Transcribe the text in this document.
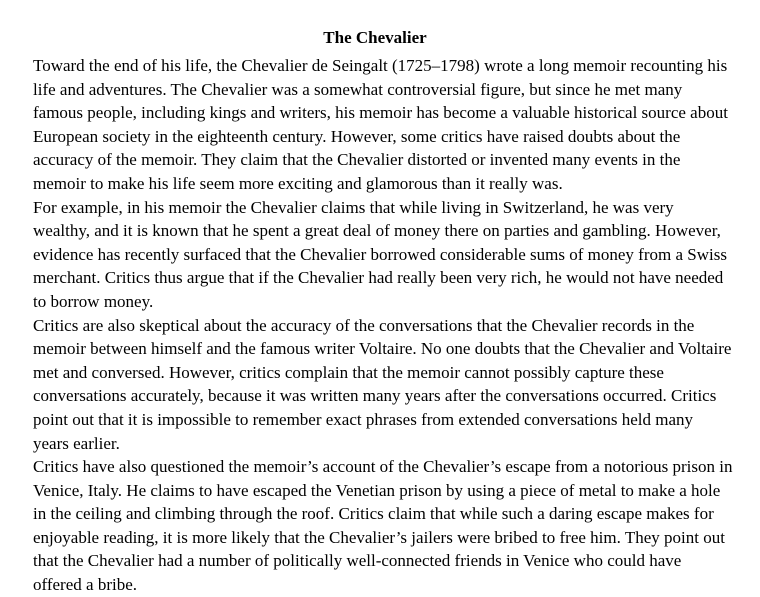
The Chevalier

Toward the end of his life, the Chevalier de Seingalt (1725–1798) wrote a long memoir recounting his life and adventures. The Chevalier was a somewhat controversial figure, but since he met many famous people, including kings and writers, his memoir has become a valuable historical source about European society in the eighteenth century. However, some critics have raised doubts about the accuracy of the memoir. They claim that the Chevalier distorted or invented many events in the memoir to make his life seem more exciting and glamorous than it really was.

For example, in his memoir the Chevalier claims that while living in Switzerland, he was very wealthy, and it is known that he spent a great deal of money there on parties and gambling. However, evidence has recently surfaced that the Chevalier borrowed considerable sums of money from a Swiss merchant. Critics thus argue that if the Chevalier had really been very rich, he would not have needed to borrow money.

Critics are also skeptical about the accuracy of the conversations that the Chevalier records in the memoir between himself and the famous writer Voltaire. No one doubts that the Chevalier and Voltaire met and conversed. However, critics complain that the memoir cannot possibly capture these conversations accurately, because it was written many years after the conversations occurred. Critics point out that it is impossible to remember exact phrases from extended conversations held many years earlier.

Critics have also questioned the memoir’s account of the Chevalier’s escape from a notorious prison in Venice, Italy. He claims to have escaped the Venetian prison by using a piece of metal to make a hole in the ceiling and climbing through the roof. Critics claim that while such a daring escape makes for enjoyable reading, it is more likely that the Chevalier’s jailers were bribed to free him. They point out that the Chevalier had a number of politically well-connected friends in Venice who could have offered a bribe.
